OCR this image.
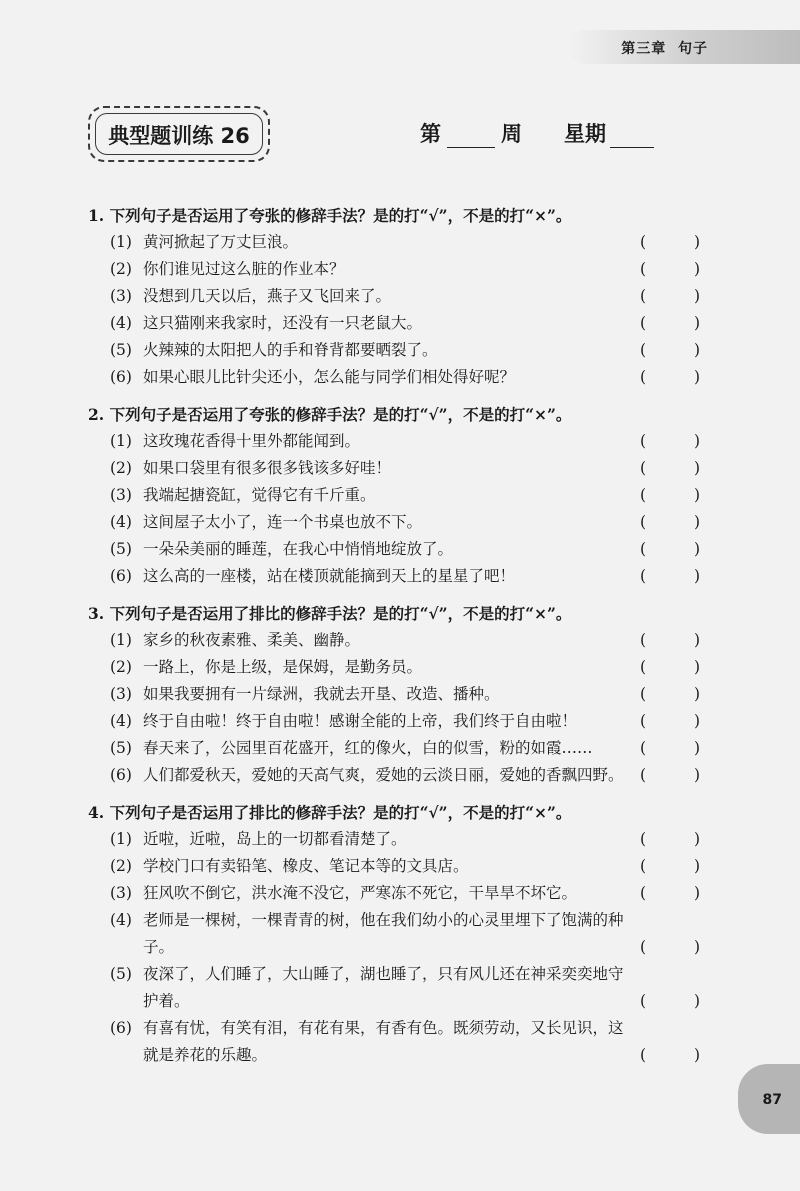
第三章 句子
典型题训练 26	第	周 星期
1. 下列句子是否运用了夸张的修辞手法？是的打“√”，不是的打“×”。
(1) 黄河掀起了万丈巨浪。	(	)
(2) 你们谁见过这么脏的作业本？	(	)
(3) 没想到几天以后，燕子又飞回来了。	(	)
(4) 这只猫刚来我家时，还没有一只老鼠大。	(	)
(5) 火辣辣的太阳把人的手和脊背都要晒裂了。	(	)
(6) 如果心眼儿比针尖还小，怎么能与同学们相处得好呢？	(	)
2. 下列句子是否运用了夸张的修辞手法？是的打“√”，不是的打“×”。
(1) 这玫瑰花香得十里外都能闻到。	(	)
(2) 如果口袋里有很多很多钱该多好哇！	(	)
(3) 我端起搪瓷缸，觉得它有千斤重。	(	)
(4) 这间屋子太小了，连一个书桌也放不下。	(	)
(5) 一朵朵美丽的睡莲，在我心中悄悄地绽放了。	(	)
(6) 这么高的一座楼，站在楼顶就能摘到天上的星星了吧！	(	)
3. 下列句子是否运用了排比的修辞手法？是的打“√”，不是的打“×”。
(1) 家乡的秋夜素雅、柔美、幽静。	(	)
(2) 一路上，你是上级，是保姆，是勤务员。	(	)
(3) 如果我要拥有一片绿洲，我就去开垦、改造、播种。	(	)
(4) 终于自由啦！终于自由啦！感谢全能的上帝，我们终于自由啦！	(	)
(5) 春天来了，公园里百花盛开，红的像火，白的似雪，粉的如霞……	(	)
(6) 人们都爱秋天，爱她的天高气爽，爱她的云淡日丽，爱她的香飘四野。	(	)
4. 下列句子是否运用了排比的修辞手法？是的打“√”，不是的打“×”。
(1) 近啦，近啦，岛上的一切都看清楚了。	(	)
(2) 学校门口有卖铅笔、橡皮、笔记本等的文具店。	(	)
(3) 狂风吹不倒它，洪水淹不没它，严寒冻不死它，干旱旱不坏它。	(	)
(4) 老师是一棵树，一棵青青的树，他在我们幼小的心灵里埋下了饱满的种子。	(	)
(5) 夜深了，人们睡了，大山睡了，湖也睡了，只有风儿还在神采奕奕地守护着。	(	)
(6) 有喜有忧，有笑有泪，有花有果，有香有色。既须劳动，又长见识，这就是养花的乐趣。	(	)
87
